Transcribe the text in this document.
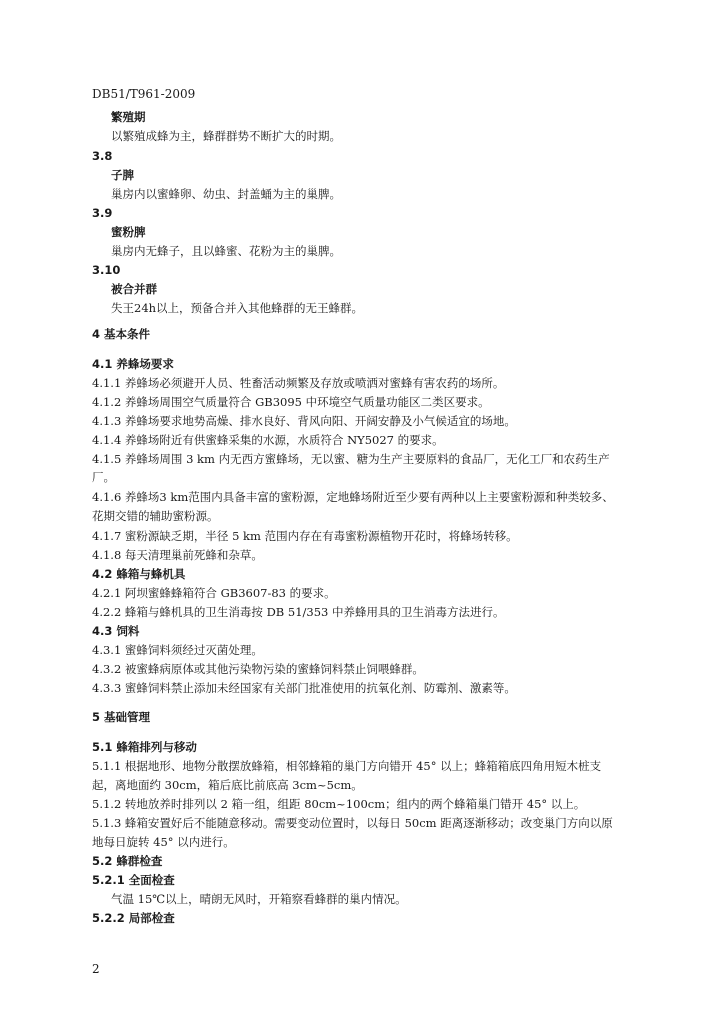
DB51/T961-2009
繁殖期
以繁殖成蜂为主，蜂群群势不断扩大的时期。
3.8
子脾
巢房内以蜜蜂卵、幼虫、封盖蛹为主的巢脾。
3.9
蜜粉脾
巢房内无蜂子，且以蜂蜜、花粉为主的巢脾。
3.10
被合并群
失王24h以上，预备合并入其他蜂群的无王蜂群。
4 基本条件
4.1 养蜂场要求
4.1.1 养蜂场必须避开人员、牲畜活动频繁及存放或喷洒对蜜蜂有害农药的场所。
4.1.2 养蜂场周围空气质量符合 GB3095 中环境空气质量功能区二类区要求。
4.1.3 养蜂场要求地势高燥、排水良好、背风向阳、开阔安静及小气候适宜的场地。
4.1.4 养蜂场附近有供蜜蜂采集的水源，水质符合 NY5027 的要求。
4.1.5 养蜂场周围 3 km 内无西方蜜蜂场，无以蜜、糖为生产主要原料的食品厂，无化工厂和农药生产
厂。
4.1.6 养蜂场3 km范围内具备丰富的蜜粉源，定地蜂场附近至少要有两种以上主要蜜粉源和种类较多、
花期交错的辅助蜜粉源。
4.1.7 蜜粉源缺乏期，半径 5 km 范围内存在有毒蜜粉源植物开花时，将蜂场转移。
4.1.8 每天清理巢前死蜂和杂草。
4.2 蜂箱与蜂机具
4.2.1 阿坝蜜蜂蜂箱符合 GB3607-83 的要求。
4.2.2 蜂箱与蜂机具的卫生消毒按 DB 51/353 中养蜂用具的卫生消毒方法进行。
4.3 饲料
4.3.1 蜜蜂饲料须经过灭菌处理。
4.3.2 被蜜蜂病原体或其他污染物污染的蜜蜂饲料禁止饲喂蜂群。
4.3.3 蜜蜂饲料禁止添加未经国家有关部门批准使用的抗氧化剂、防霉剂、激素等。
5 基础管理
5.1 蜂箱排列与移动
5.1.1 根据地形、地物分散摆放蜂箱，相邻蜂箱的巢门方向错开 45° 以上；蜂箱箱底四角用短木桩支
起，离地面约 30cm，箱后底比前底高 3cm~5cm。
5.1.2 转地放养时排列以 2 箱一组，组距 80cm~100cm；组内的两个蜂箱巢门错开 45° 以上。
5.1.3 蜂箱安置好后不能随意移动。需要变动位置时，以每日 50cm 距离逐渐移动；改变巢门方向以原
地每日旋转 45° 以内进行。
5.2 蜂群检查
5.2.1 全面检查
气温 15℃以上，晴朗无风时，开箱察看蜂群的巢内情况。
5.2.2 局部检查
2
